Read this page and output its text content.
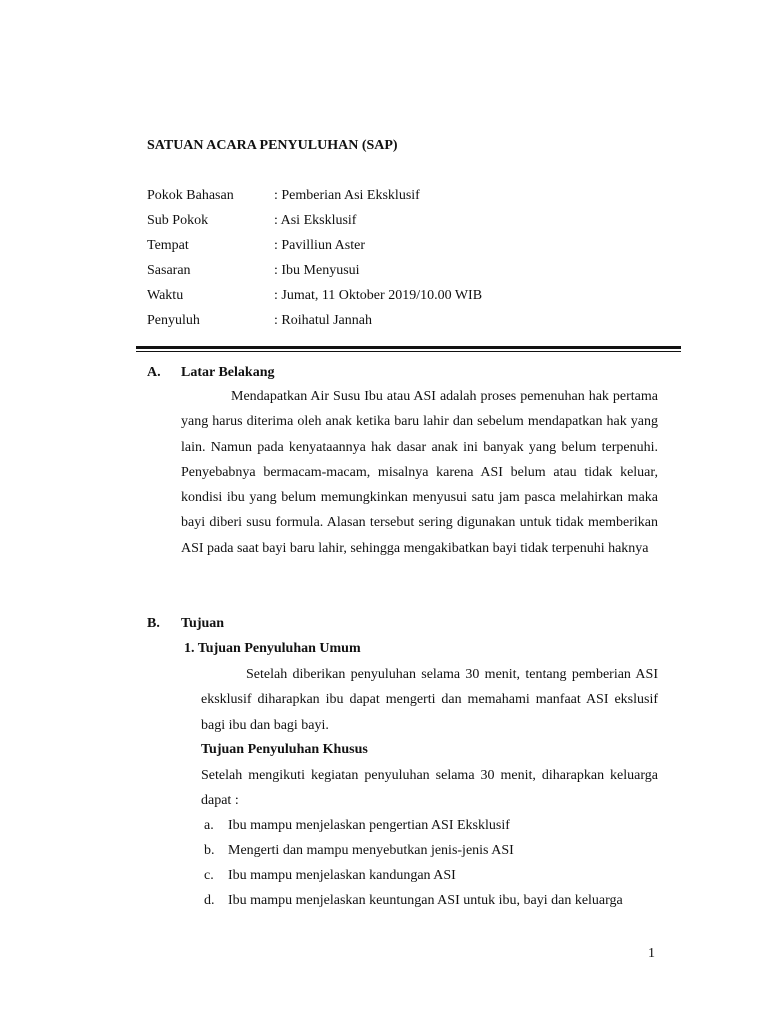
SATUAN ACARA PENYULUHAN (SAP)
Pokok Bahasan	: Pemberian Asi Eksklusif
Sub Pokok	: Asi Eksklusif
Tempat	: Pavilliun Aster
Sasaran	: Ibu Menyusui
Waktu	: Jumat, 11 Oktober 2019/10.00 WIB
Penyuluh	: Roihatul Jannah
A. Latar Belakang

Mendapatkan Air Susu Ibu atau ASI adalah proses pemenuhan hak pertama yang harus diterima oleh anak ketika baru lahir dan sebelum mendapatkan hak yang lain. Namun pada kenyataannya hak dasar anak ini banyak yang belum terpenuhi. Penyebabnya bermacam-macam, misalnya karena ASI belum atau tidak keluar, kondisi ibu yang belum memungkinkan menyusui satu jam pasca melahirkan maka bayi diberi susu formula. Alasan tersebut sering digunakan untuk tidak memberikan ASI pada saat bayi baru lahir, sehingga mengakibatkan bayi tidak terpenuhi haknya

B. Tujuan
1. Tujuan Penyuluhan Umum

Setelah diberikan penyuluhan selama 30 menit, tentang pemberian ASI eksklusif diharapkan ibu dapat mengerti dan memahami manfaat ASI ekslusif bagi ibu dan bagi bayi.

Tujuan Penyuluhan Khusus

Setelah mengikuti kegiatan penyuluhan selama 30 menit, diharapkan keluarga dapat :

a. Ibu mampu menjelaskan pengertian ASI Eksklusif
b. Mengerti dan mampu menyebutkan jenis-jenis ASI
c. Ibu mampu menjelaskan kandungan ASI
d. Ibu mampu menjelaskan keuntungan ASI untuk ibu, bayi dan keluarga
1
